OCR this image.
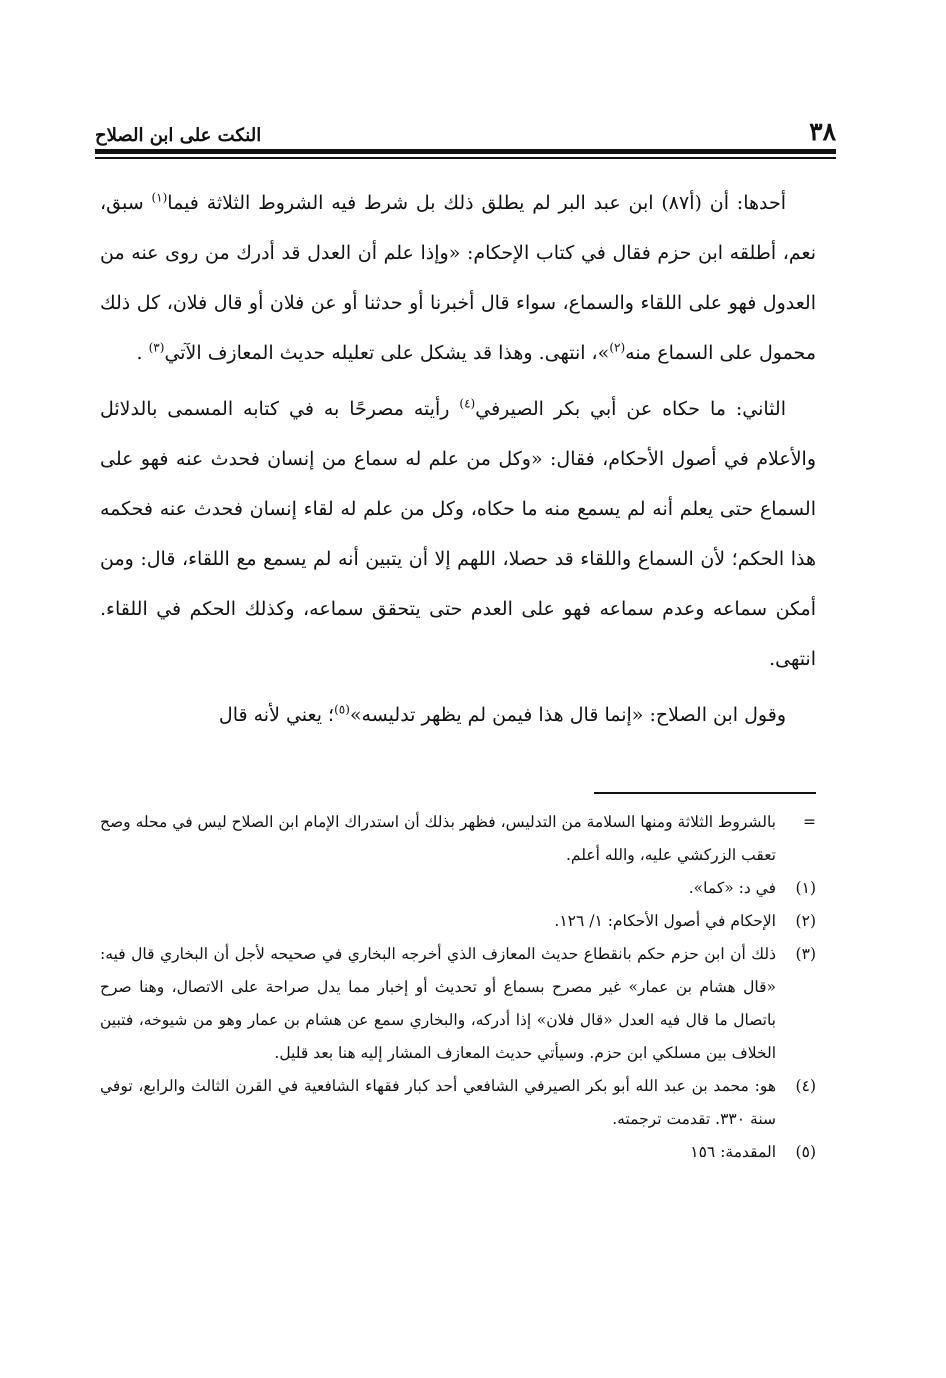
٣٨
النكت على ابن الصلاح

أحدها: أن (أ٨٧) ابن عبد البر لم يطلق ذلك بل شرط فيه الشروط الثلاثة فيما$^{(١)}$ سبق، نعم، أطلقه ابن حزم فقال في كتاب الإحكام: «وإذا علم أن العدل قد أدرك من روى عنه من العدول فهو على اللقاء والسماع، سواء قال أخبرنا أو حدثنا أو عن فلان أو قال فلان، كل ذلك محمول على السماع منه$^{(٢)}$»، انتهى. وهذا قد يشكل على تعليله حديث المعازف الآتي$^{(٣)}$ .

الثاني: ما حكاه عن أبي بكر الصيرفي$^{(٤)}$ رأيته مصرحًا به في كتابه المسمى بالدلائل والأعلام في أصول الأحكام، فقال: «وكل من علم له سماع من إنسان فحدث عنه فهو على السماع حتى يعلم أنه لم يسمع منه ما حكاه، وكل من علم له لقاء إنسان فحدث عنه فحكمه هذا الحكم؛ لأن السماع واللقاء قد حصلا، اللهم إلا أن يتبين أنه لم يسمع مع اللقاء، قال: ومن أمكن سماعه وعدم سماعه فهو على العدم حتى يتحقق سماعه، وكذلك الحكم في اللقاء. انتهى.

وقول ابن الصلاح: «إنما قال هذا فيمن لم يظهر تدليسه»$^{(٥)}$؛ يعني لأنه قال

=
بالشروط الثلاثة ومنها السلامة من التدليس، فظهر بذلك أن استدراك الإمام ابن الصلاح ليس في محله وصح تعقب الزركشي عليه، والله أعلم.
(١)
في د: «كما».
(٢)
الإحكام في أصول الأحكام: ١/ ١٢٦.
(٣)
ذلك أن ابن حزم حكم بانقطاع حديث المعازف الذي أخرجه البخاري في صحيحه لأجل أن البخاري قال فيه: «قال هشام بن عمار» غير مصرح بسماع أو تحديث أو إخبار مما يدل صراحة على الاتصال، وهنا صرح باتصال ما قال فيه العدل «قال فلان» إذا أدركه، والبخاري سمع عن هشام بن عمار وهو من شيوخه، فتبين الخلاف بين مسلكي ابن حزم. وسيأتي حديث المعازف المشار إليه هنا بعد قليل.
(٤)
هو: محمد بن عبد الله أبو بكر الصيرفي الشافعي أحد كبار فقهاء الشافعية في القرن الثالث والرابع، توفي سنة ٣٣٠. تقدمت ترجمته.
(٥)
المقدمة: ١٥٦
